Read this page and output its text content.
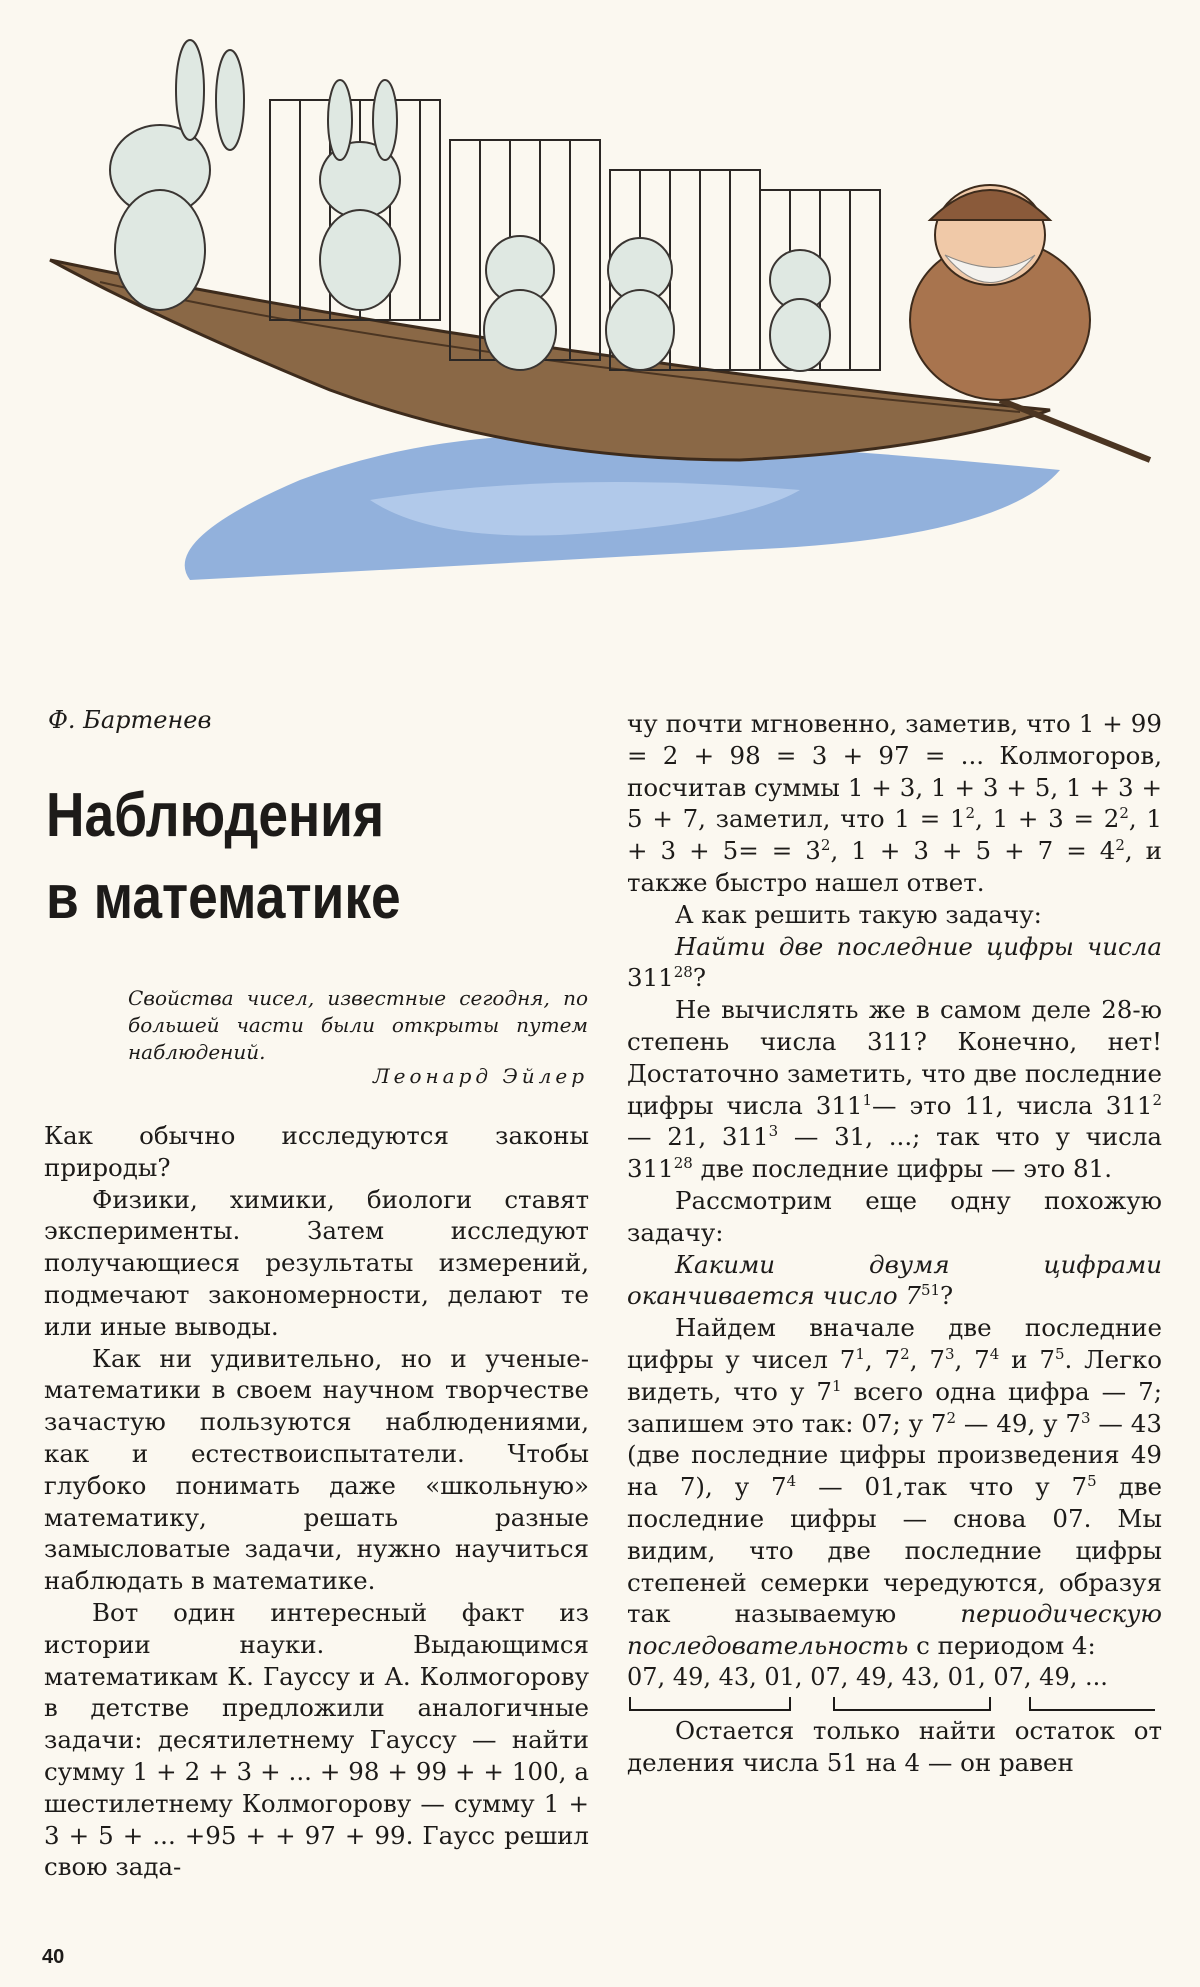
Ф. Бартенев
Наблюдения
в математике
Свойства чисел, известные сегодня, по большей части были открыты путем наблюдений.
Леонард Эйлер

Как обычно исследуются законы природы?

Физики, химики, биологи ставят эксперименты. Затем исследуют получающиеся результаты измерений, подмечают закономерности, делают те или иные выводы.

Как ни удивительно, но и ученые-математики в своем научном творчестве зачастую пользуются наблюдениями, как и естествоиспытатели. Чтобы глубоко понимать даже «школьную» математику, решать разные замысловатые задачи, нужно научиться наблюдать в математике.

Вот один интересный факт из истории науки. Выдающимся математикам К. Гауссу и А. Колмогорову в детстве предложили аналогичные задачи: десятилетнему Гауссу — найти сумму 1 + 2 + 3 + ... + 98 + 99 + + 100, а шестилетнему Колмогорову — сумму 1 + 3 + 5 + ... +95 + + 97 + 99. Гаусс решил свою зада-

чу почти мгновенно, заметив, что 1 + 99 = 2 + 98 = 3 + 97 = ... Колмогоров, посчитав суммы 1 + 3, 1 + 3 + 5, 1 + 3 + 5 + 7, заметил, что $1 = 1^2$, $1 + 3 = 2^2$, $1 + 3 + 5= = 3^2$, $1 + 3 + 5 + 7 = 4^2$, и также быстро нашел ответ.

А как решить такую задачу:

Найти две последние цифры числа $311^{28}$?

Не вычислять же в самом деле 28-ю степень числа 311? Конечно, нет! Достаточно заметить, что две последние цифры числа $311^1—$ это 11, числа $311^2$ — 21, $311^3$ — 31, ...; так что у числа $311^{28}$ две последние цифры — это 81.

Рассмотрим еще одну похожую задачу:

Какими двумя цифрами оканчивается число $7^{51}$?

Найдем вначале две последние цифры у чисел $7^1$, $7^2$, $7^3$, $7^4$ и $7^5$. Легко видеть, что у $7^1$ всего одна цифра — 7; запишем это так: 07; у $7^2$ — 49, у $7^3$ — 43 (две последние цифры произведения 49 на 7), у $7^4$ — 01,так что у $7^5$ две последние цифры — снова 07. Мы видим, что две последние цифры степеней семерки чередуются, образуя так называемую	периодическую последовательность с периодом 4:

07, 49, 43, 01, 07, 49, 43, 01, 07, 49, ...

Остается только найти остаток от деления числа 51 на 4 — он равен

40
